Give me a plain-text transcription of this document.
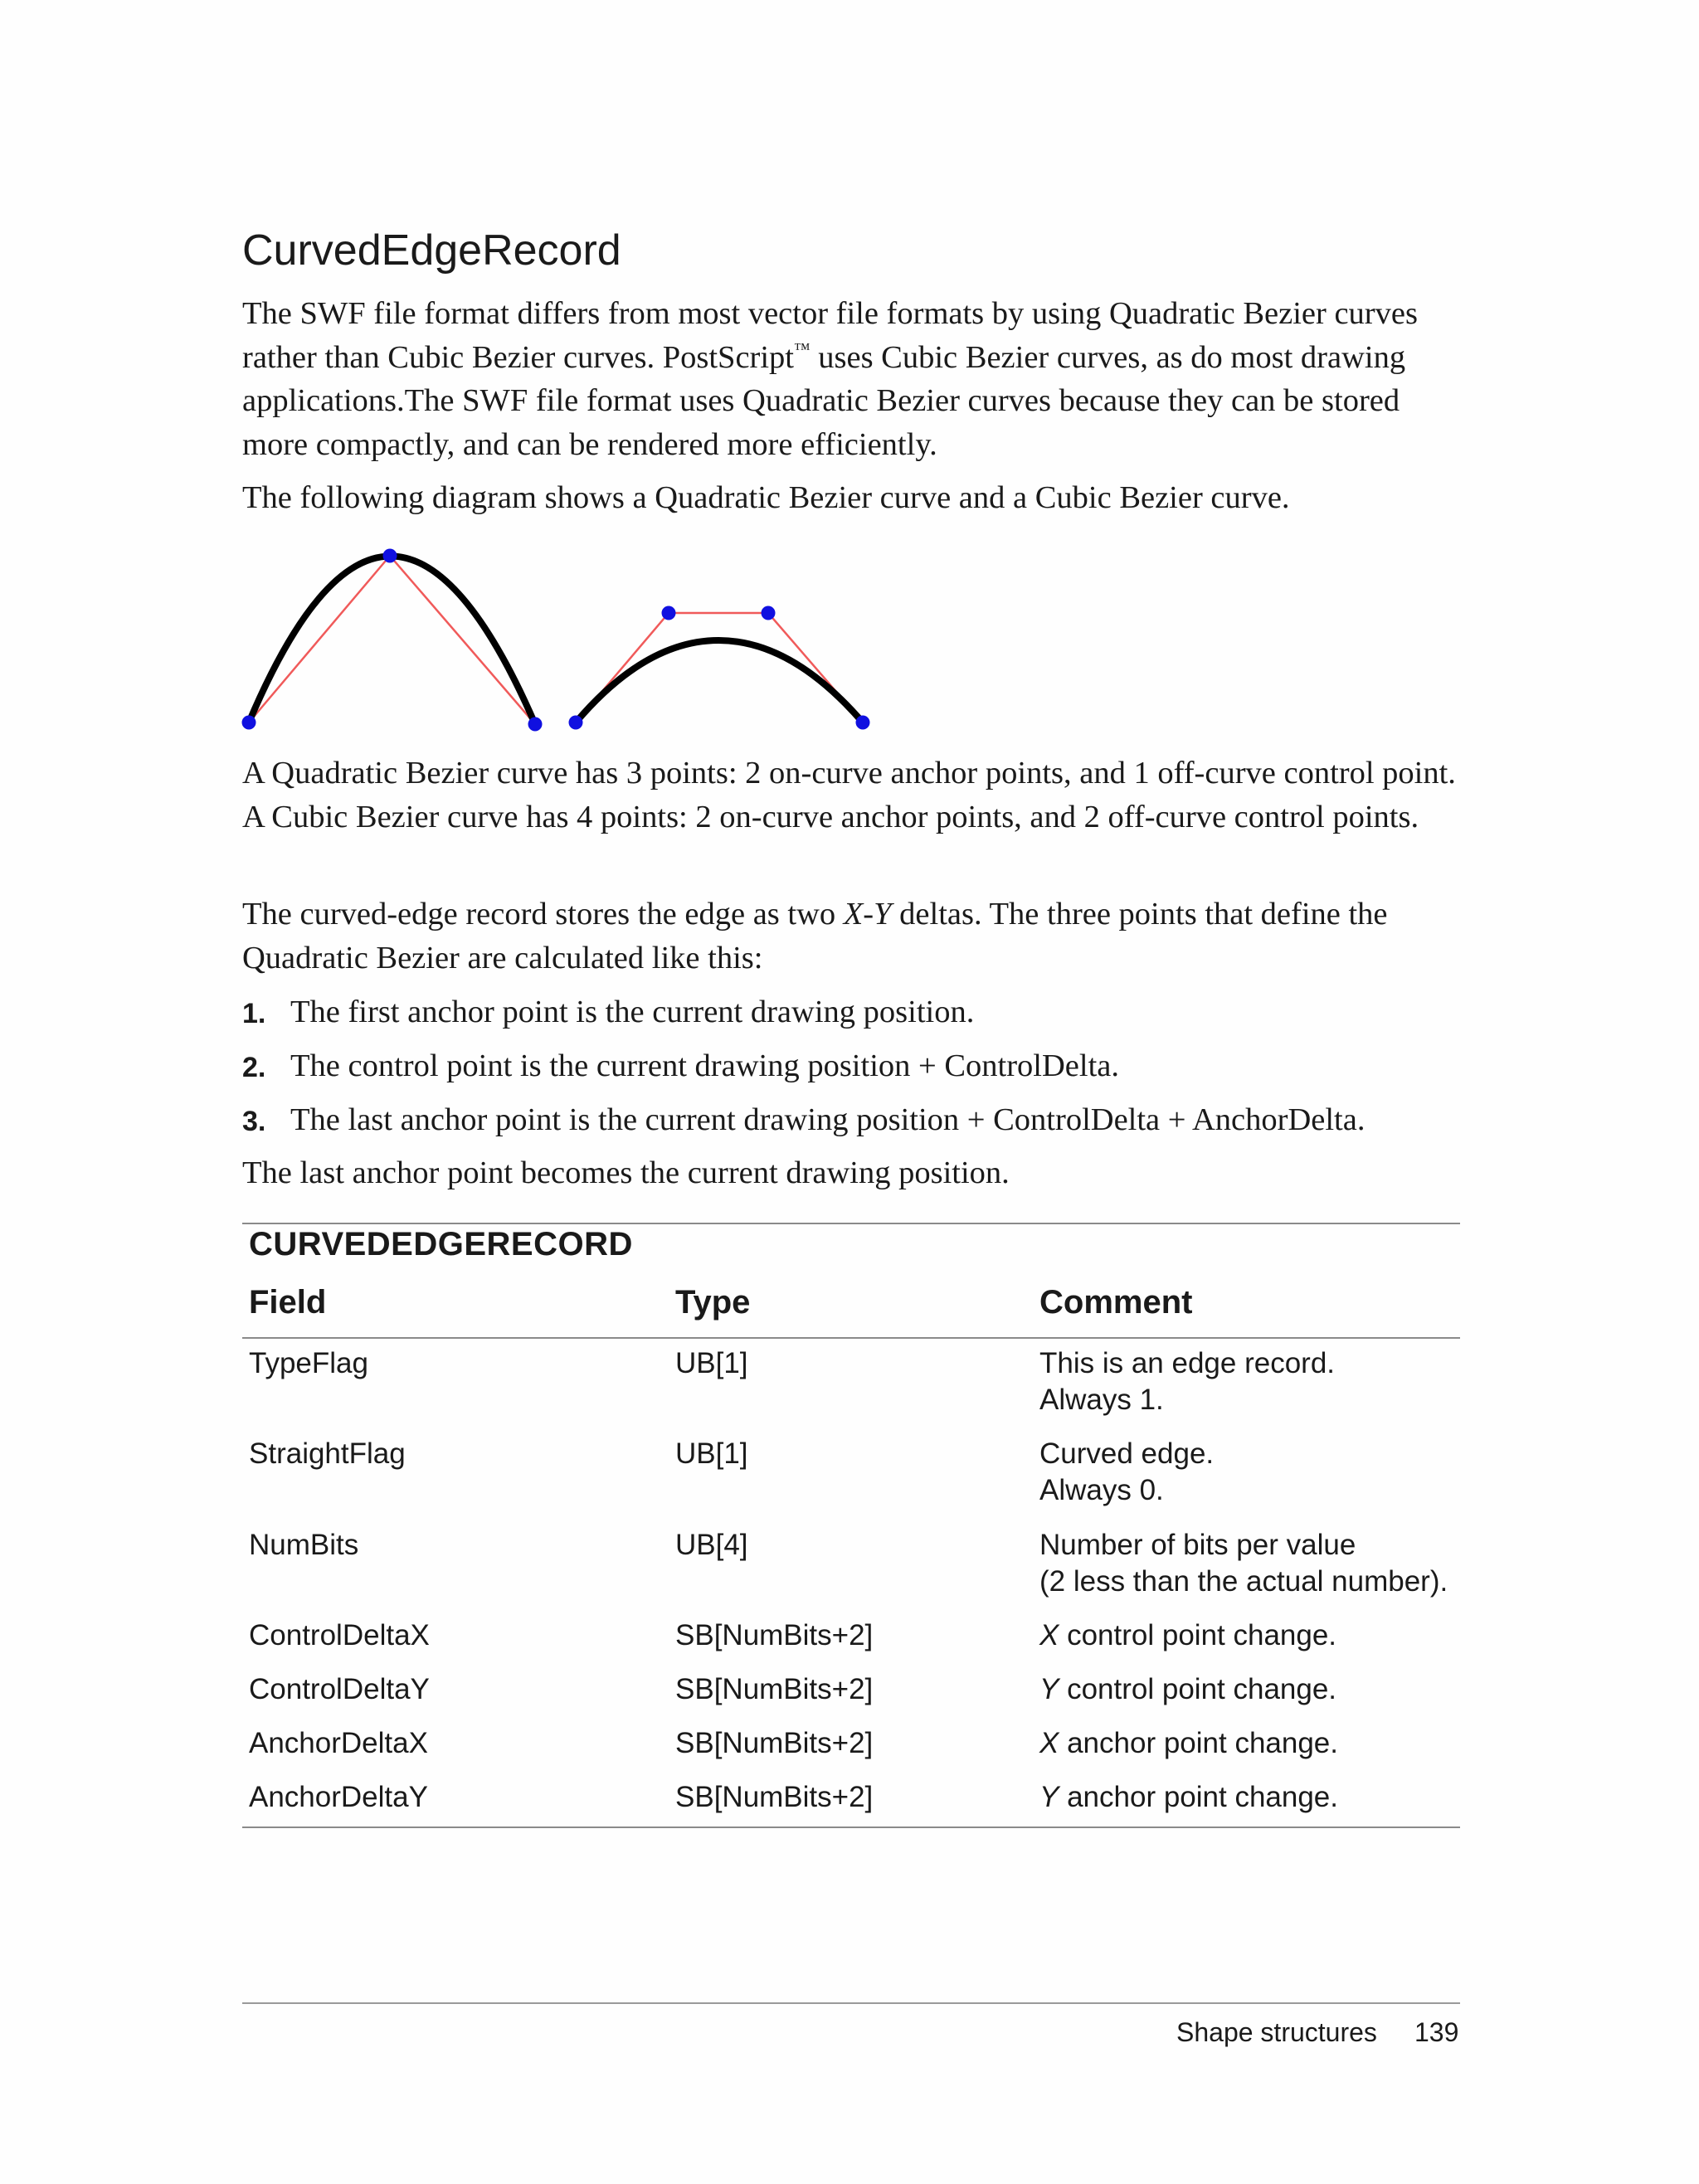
CurvedEdgeRecord

The SWF file format differs from most vector file formats by using Quadratic Bezier curves rather than Cubic Bezier curves. PostScript™ uses Cubic Bezier curves, as do most drawing applications.The SWF file format uses Quadratic Bezier curves because they can be stored more compactly, and can be rendered more efficiently.

The following diagram shows a Quadratic Bezier curve and a Cubic Bezier curve.

A Quadratic Bezier curve has 3 points: 2 on-curve anchor points, and 1 off-curve control point. A Cubic Bezier curve has 4 points: 2 on-curve anchor points, and 2 off-curve control points.

The curved-edge record stores the edge as two X-Y deltas. The three points that define the Quadratic Bezier are calculated like this:

1. The first anchor point is the current drawing position.
2. The control point is the current drawing position + ControlDelta.
3. The last anchor point is the current drawing position + ControlDelta + AnchorDelta.

The last anchor point becomes the current drawing position.

CURVEDEDGERECORD
Field	Type	Comment
TypeFlag	UB[1]	This is an edge record.
Always 1.
StraightFlag	UB[1]	Curved edge.
Always 0.
NumBits	UB[4]	Number of bits per value
(2 less than the actual number).
ControlDeltaX	SB[NumBits+2]	X control point change.
ControlDeltaY	SB[NumBits+2]	Y control point change.
AnchorDeltaX	SB[NumBits+2]	X anchor point change.
AnchorDeltaY	SB[NumBits+2]	Y anchor point change.
Shape structures 139
